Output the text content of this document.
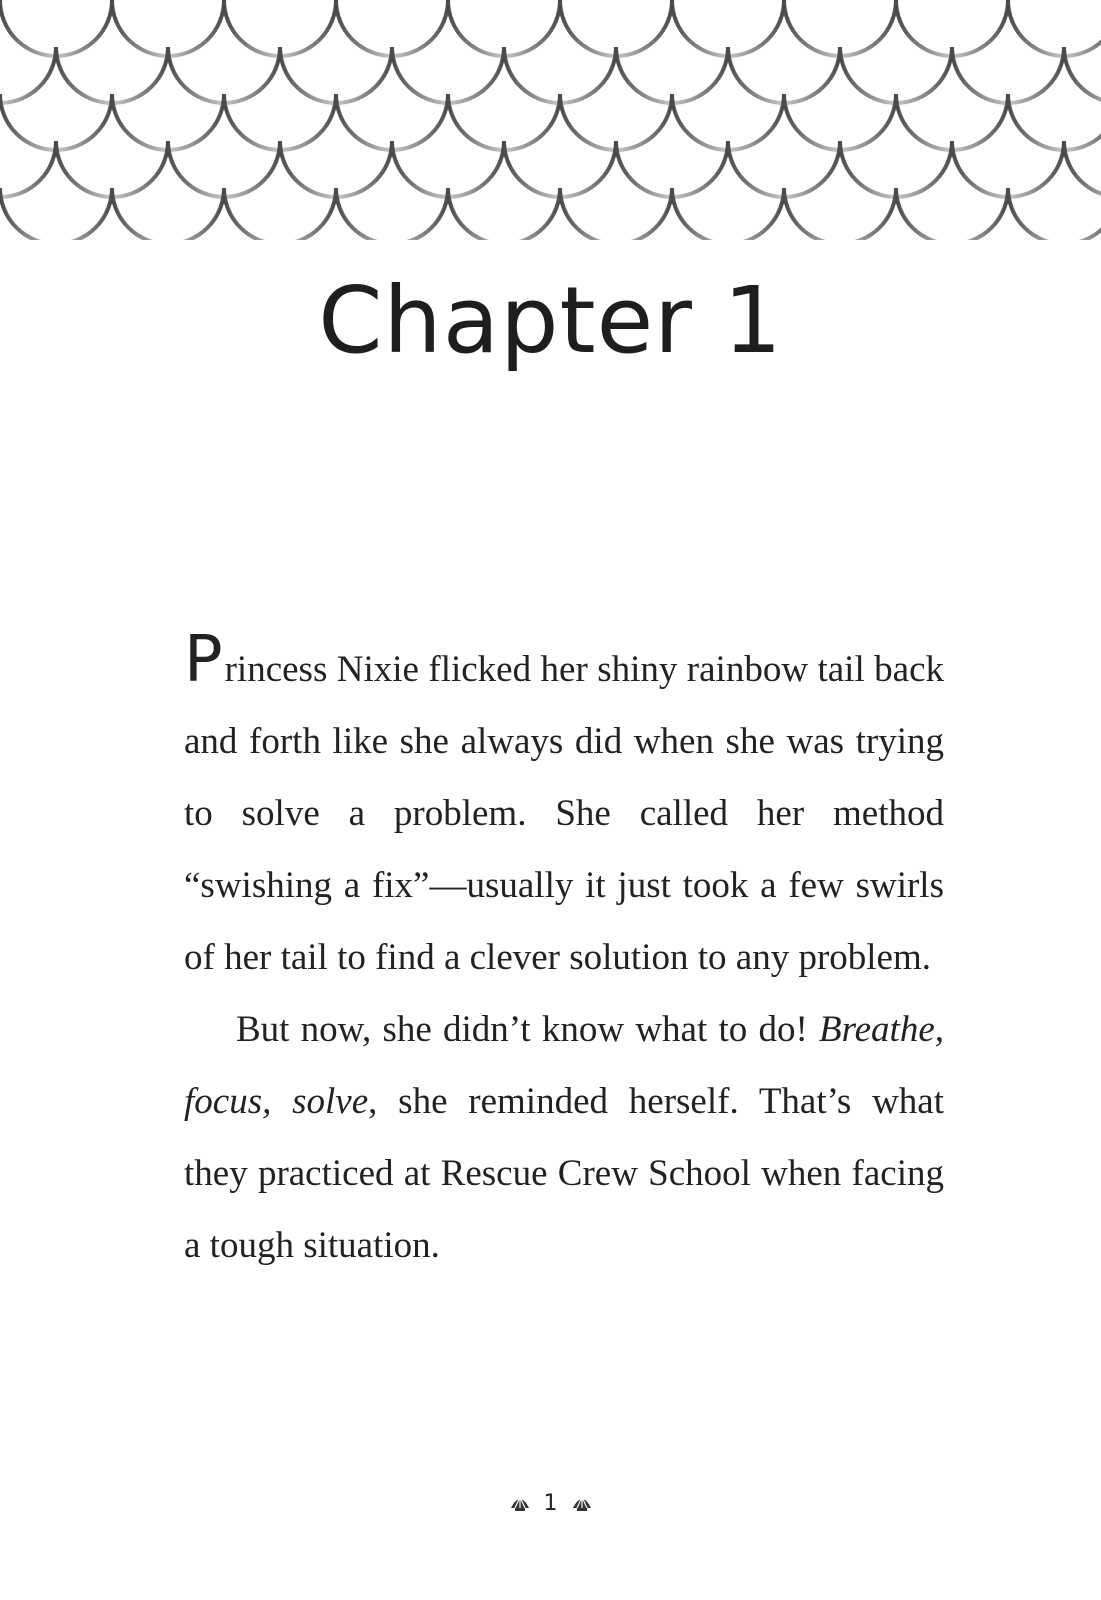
Chapter 1

Princess Nixie flicked her shiny rainbow tail back and forth like she always did when she was trying to solve a problem. She called her method “swishing a fix”—usually it just took a few swirls of her tail to find a clever solution to any problem.

But now, she didn’t know what to do! Breathe, focus, solve, she reminded herself. That’s what they practiced at Rescue Crew School when facing a tough situation.

1
